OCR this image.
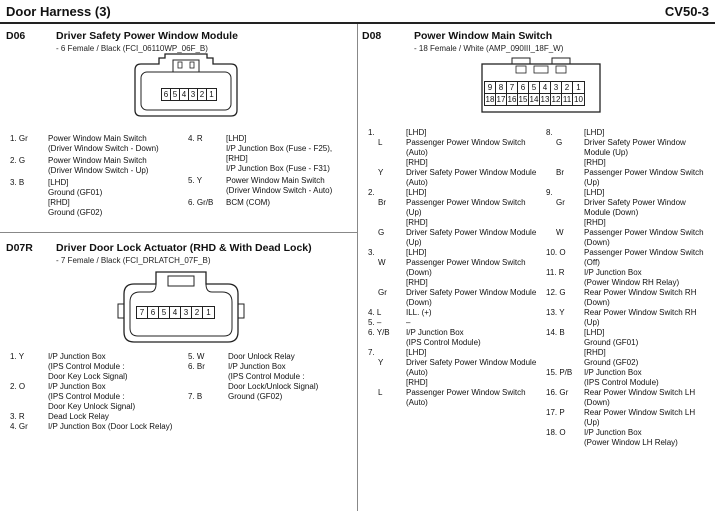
Door Harness (3)	CV50-3
D06	Driver Safety Power Window Module
- 6 Female / Black (FCI_06110WP_06F_B)
6 5 4 3 2 1
1. Gr	Power Window Main Switch
(Driver Window Switch - Down)
2. G	Power Window Main Switch
(Driver Window Switch - Up)
3. B	[LHD]
Ground (GF01)
[RHD]
Ground (GF02)
4. R	[LHD]
I/P Junction Box (Fuse - F25),
[RHD]
I/P Junction Box (Fuse - F31)
5. Y	Power Window Main Switch
(Driver Window Switch - Auto)
6. Gr/B BCM (COM)
D07R Driver Door Lock Actuator (RHD & With Dead Lock)
- 7 Female / Black (FCI_DRLATCH_07F_B)
7 6 5 4 3 2 1
1. Y	I/P Junction Box
(IPS Control Module :
Door Key Lock Signal)
2. O	I/P Junction Box
(IPS Control Module :
Door Key Unlock Signal)
3. R	Dead Lock Relay
4. Gr	I/P Junction Box (Door Lock Relay)
5. W	Door Unlock Relay
6. Br	I/P Junction Box
(IPS Control Module :
Door Lock/Unlock Signal)
7. B	Ground (GF02)
D08	Power Window Main Switch
- 18 Female / White (AMP_090III_18F_W)
9 8 7 6 5 4 3 2 1
18 17 16 15 14 13 12 11 10
1.	[LHD]
L	Passenger Power Window Switch
(Auto)
[RHD]
Y	Driver Safety Power Window Module
(Auto)
2.	[LHD]
Br	Passenger Power Window Switch
(Up)
[RHD]
G	Driver Safety Power Window Module
(Up)
3.	[LHD]
W	Passenger Power Window Switch
(Down)
[RHD]
Gr Driver Safety Power Window Module
(Down)
4. L	ILL. (+)
5. –	–
6. Y/B I/P Junction Box
(IPS Control Module)
7.	[LHD]
Y	Driver Safety Power Window Module
(Auto)
[RHD]
L	Passenger Power Window Switch
(Auto)
8.	[LHD]
G	Driver Safety Power Window
Module (Up)
[RHD]
Br	Passenger Power Window Switch
(Up)
9.	[LHD]
Gr Driver Safety Power Window
Module (Down)
[RHD]
W	Passenger Power Window Switch
(Down)
10. O Passenger Power Window Switch
(Off)
11. R I/P Junction Box
(Power Window RH Relay)
12. G Rear Power Window Switch RH
(Down)
13. Y Rear Power Window Switch RH
(Up)
14. B [LHD]
Ground (GF01)
[RHD]
Ground (GF02)
15. P/B I/P Junction Box
(IPS Control Module)
16. Gr Rear Power Window Switch LH
(Down)
17. P Rear Power Window Switch LH
(Up)
18. O I/P Junction Box
(Power Window LH Relay)
